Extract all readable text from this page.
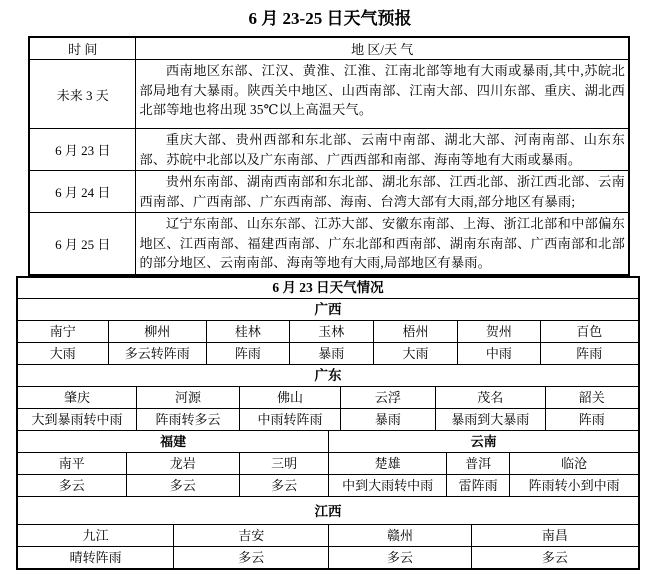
6 月 23-25 日天气预报
时 间	地 区/天 气
未来 3 天
西南地区东部、江汉、黄淮、江淮、江南北部等地有大雨或暴雨,其中,苏皖北部局地有大暴雨。陕西关中地区、山西南部、江南大部、四川东部、重庆、湖北西北部等地也将出现 35℃以上高温天气。
6 月 23 日
重庆大部、贵州西部和东北部、云南中南部、湖北大部、河南南部、山东东部、苏皖中北部以及广东南部、广西西部和南部、海南等地有大雨或暴雨。
6 月 24 日
贵州东南部、湖南西南部和东北部、湖北东部、江西北部、浙江西北部、云南西南部、广西南部、广东西南部、海南、台湾大部有大雨,部分地区有暴雨;
6 月 25 日
辽宁东南部、山东东部、江苏大部、安徽东南部、上海、浙江北部和中部偏东地区、江西南部、福建西南部、广东北部和西南部、湖南东南部、广西南部和北部的部分地区、云南南部、海南等地有大雨,局部地区有暴雨。
6 月 23 日天气情况
广西
南宁	柳州	桂林	玉林	梧州	贺州	百色
大雨	多云转阵雨	阵雨	暴雨	大雨	中雨	阵雨
广东
肇庆	河源	佛山	云浮	茂名	韶关
大到暴雨转中雨	阵雨转多云	中雨转阵雨	暴雨	暴雨到大暴雨	阵雨
福建	云南
南平	龙岩	三明	楚雄	普洱	临沧
多云	多云	多云	中到大雨转中雨	雷阵雨	阵雨转小到中雨
江西
九江	吉安	赣州	南昌
晴转阵雨	多云	多云	多云
